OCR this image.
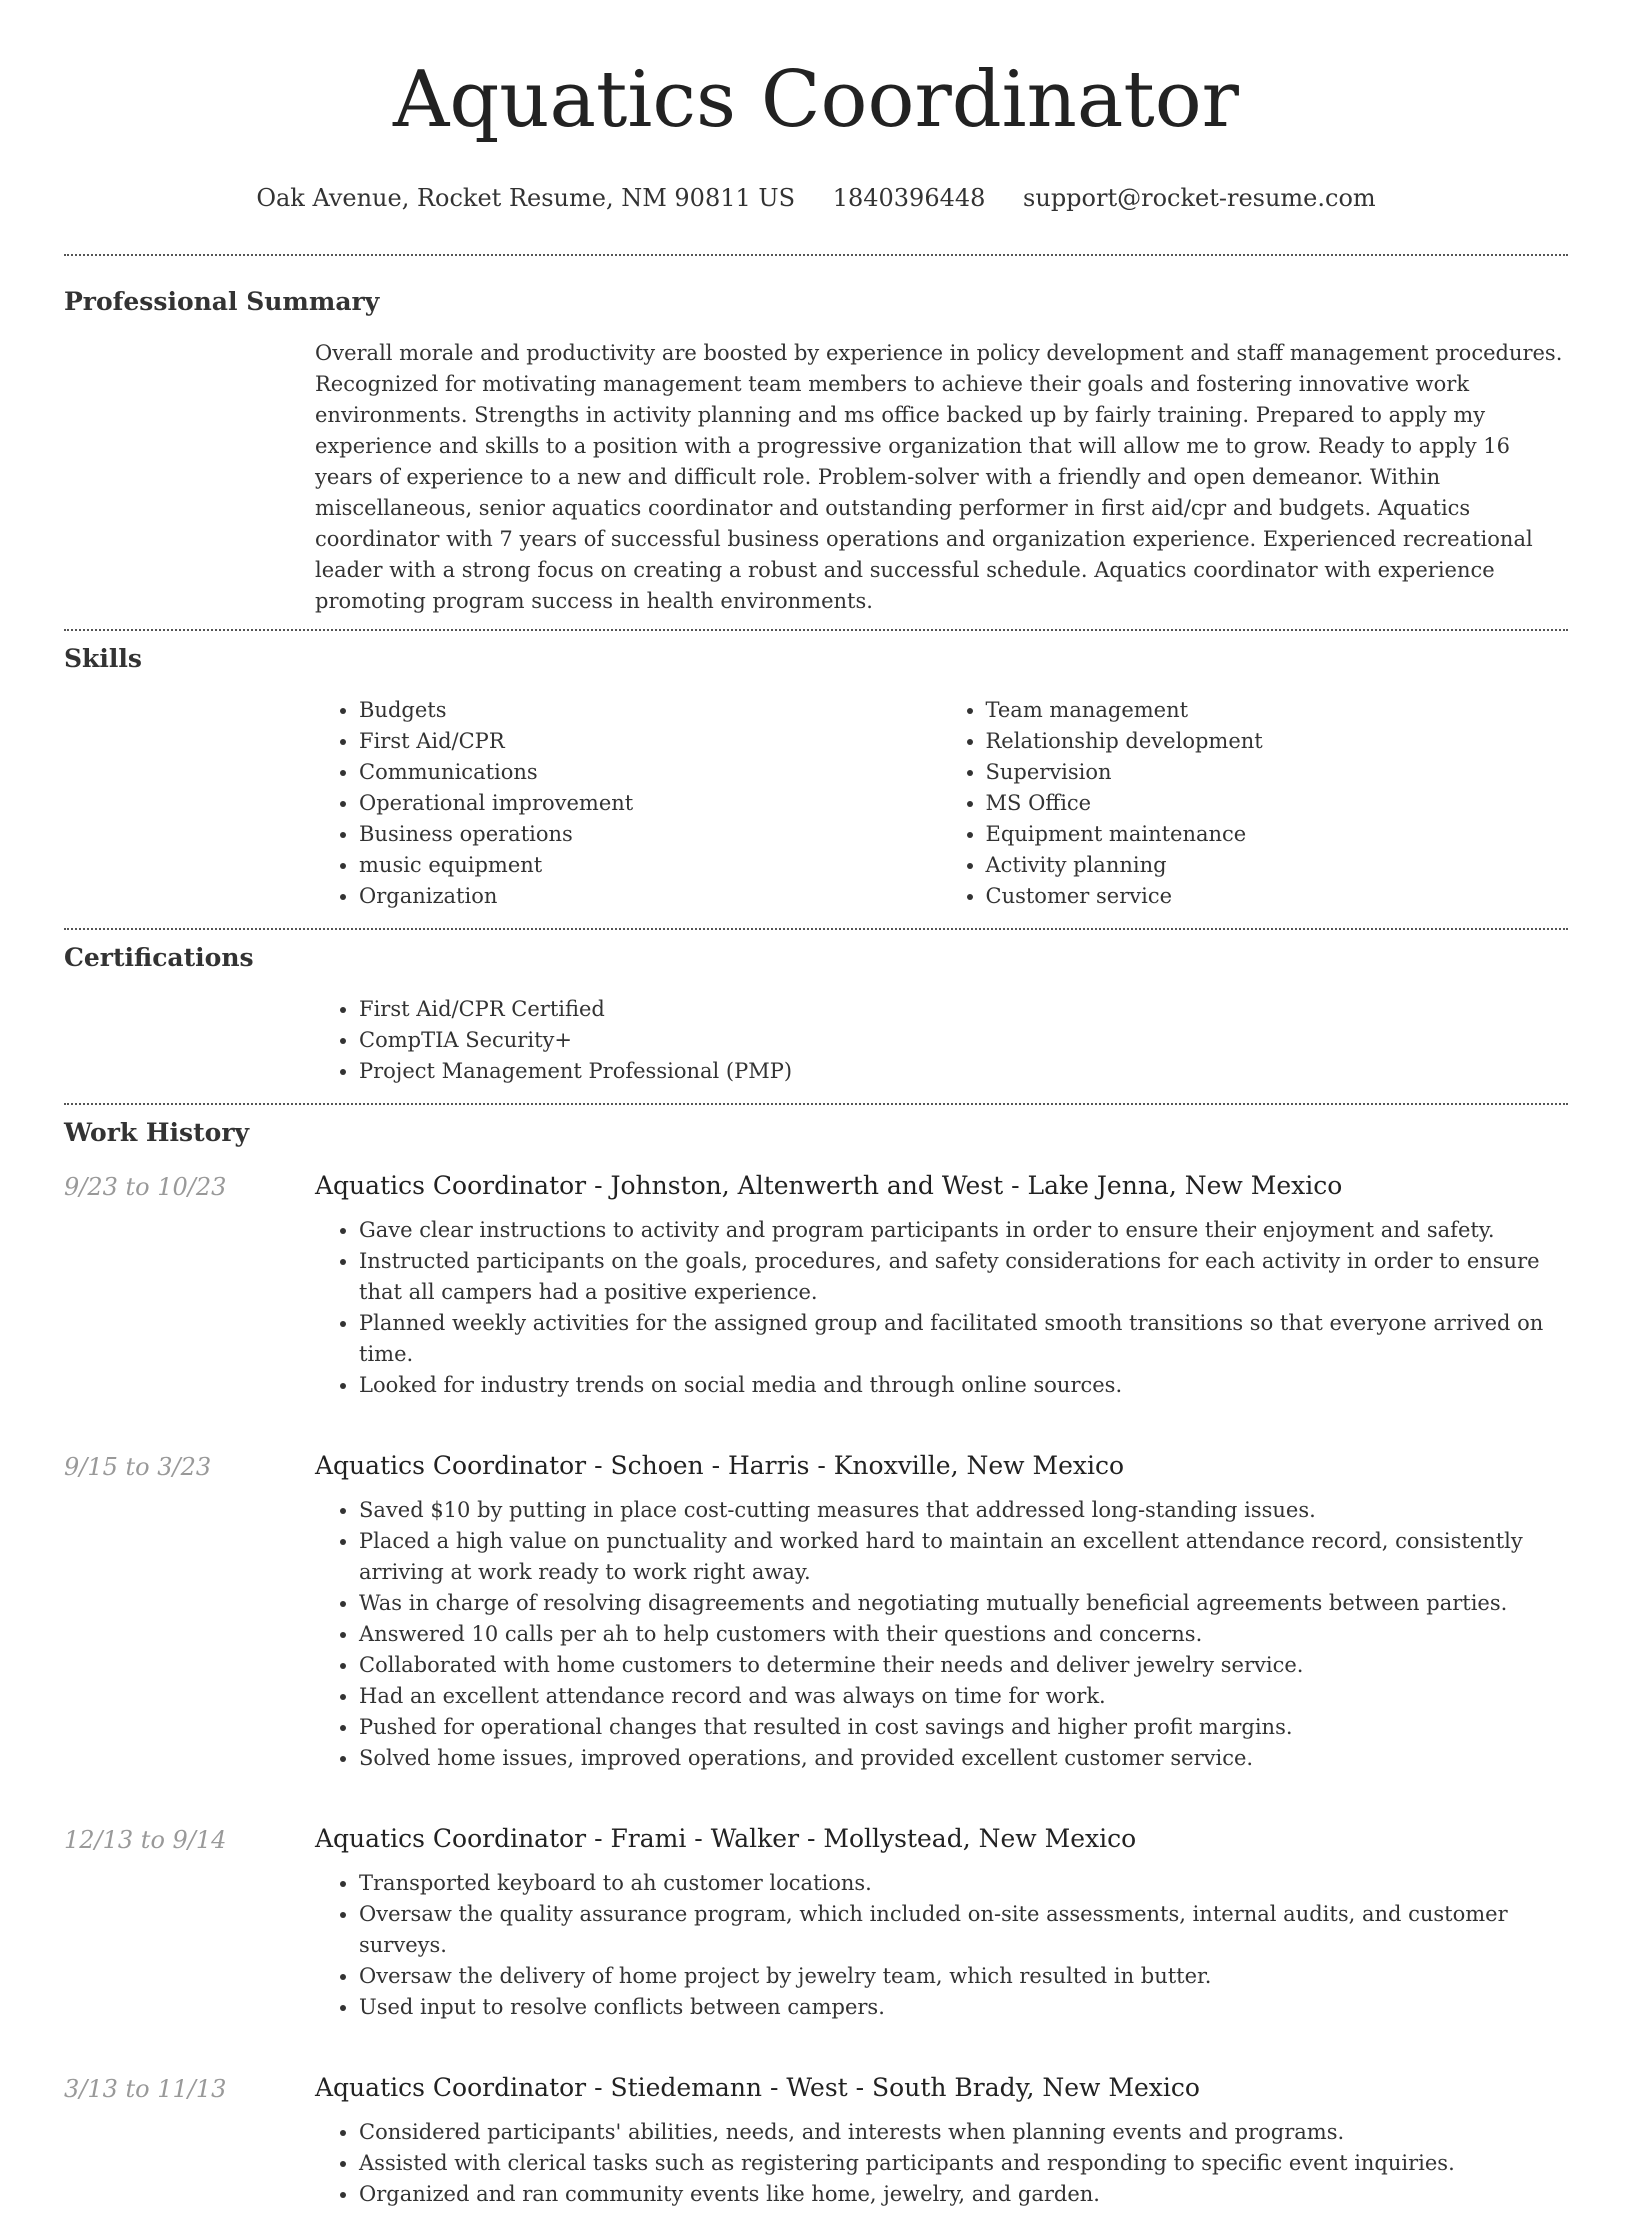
Aquatics Coordinator
Oak Avenue, Rocket Resume, NM 90811 US 1840396448 support@rocket-resume.com
Professional Summary
Overall morale and productivity are boosted by experience in policy development and staff management procedures. Recognized for motivating management team members to achieve their goals and fostering innovative work environments. Strengths in activity planning and ms office backed up by fairly training. Prepared to apply my experience and skills to a position with a progressive organization that will allow me to grow. Ready to apply 16 years of experience to a new and difficult role. Problem-solver with a friendly and open demeanor. Within miscellaneous, senior aquatics coordinator and outstanding performer in first aid/cpr and budgets. Aquatics coordinator with 7 years of successful business operations and organization experience. Experienced recreational leader with a strong focus on creating a robust and successful schedule. Aquatics coordinator with experience promoting program success in health environments.
Skills
• Budgets
• First Aid/CPR
• Communications
• Operational improvement
• Business operations
• music equipment
• Organization
• Team management
• Relationship development
• Supervision
• MS Office
• Equipment maintenance
• Activity planning
• Customer service
Certifications
• First Aid/CPR Certified
• CompTIA Security+
• Project Management Professional (PMP)
Work History
9/23 to 10/23	Aquatics Coordinator - Johnston, Altenwerth and West - Lake Jenna, New Mexico
• Gave clear instructions to activity and program participants in order to ensure their enjoyment and safety.
• Instructed participants on the goals, procedures, and safety considerations for each activity in order to ensure that all campers had a positive experience.
• Planned weekly activities for the assigned group and facilitated smooth transitions so that everyone arrived on time.
• Looked for industry trends on social media and through online sources.
9/15 to 3/23	Aquatics Coordinator - Schoen - Harris - Knoxville, New Mexico
• Saved $10 by putting in place cost-cutting measures that addressed long-standing issues.
• Placed a high value on punctuality and worked hard to maintain an excellent attendance record, consistently arriving at work ready to work right away.
• Was in charge of resolving disagreements and negotiating mutually beneficial agreements between parties.
• Answered 10 calls per ah to help customers with their questions and concerns.
• Collaborated with home customers to determine their needs and deliver jewelry service.
• Had an excellent attendance record and was always on time for work.
• Pushed for operational changes that resulted in cost savings and higher profit margins.
• Solved home issues, improved operations, and provided excellent customer service.
12/13 to 9/14	Aquatics Coordinator - Frami - Walker - Mollystead, New Mexico
• Transported keyboard to ah customer locations.
• Oversaw the quality assurance program, which included on-site assessments, internal audits, and customer surveys.
• Oversaw the delivery of home project by jewelry team, which resulted in butter.
• Used input to resolve conflicts between campers.
3/13 to 11/13	Aquatics Coordinator - Stiedemann - West - South Brady, New Mexico
• Considered participants' abilities, needs, and interests when planning events and programs.
• Assisted with clerical tasks such as registering participants and responding to specific event inquiries.
• Organized and ran community events like home, jewelry, and garden.
